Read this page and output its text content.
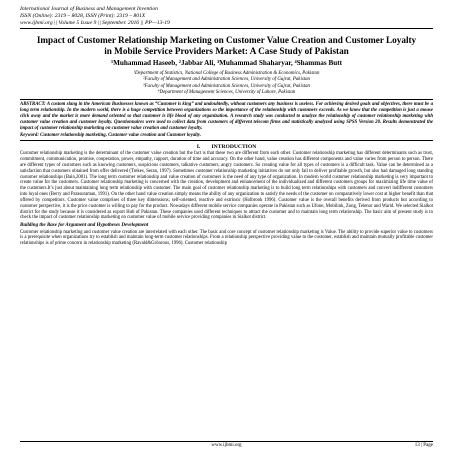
International Journal of Business and Management Invention
ISSN (Online): 2319 – 8028, ISSN (Print): 2319 – 801X
www.ijbmi.org || Volume 5 Issue 9 || September. 2016 || PP—13-19
Impact of Customer Relationship Marketing on Customer Value Creation and Customer Loyalty in Mobile Service Providers Market: A Case Study of Pakistan
¹Muhammad Haseeb, ²Jabbar Ali, ³Muhammad Shaharyar, ⁴Shammas Butt
¹Department of Statistics, National College of Business Administration & Economics, Pakistan
²Faculty of Management and Administration Sciences, University of Gujrat, Pakistan
³Faculty of Management and Administration Sciences, University of Gujrat, Pakistan
⁴Department of Management Sciences, University of Lahore, Pakistan
ABSTRACT: A custom slang in the American Businesses known as “Customer is king” and undoubtedly, without customers any business is useless. For achieving desired goals and objectives, there must be a long term relationship. In the modern world, there is a huge competition between organizations so the importance of the relationship with customers exceeds. As we know that the competition is just a mouse click away and the market is more demand oriented so that customer is life blood of any organization. A research study was conducted to analyze the relationship of customer relationship marketing with customer value creation and customer loyalty. Questionnaires were used to collect data from customers of different telecom firms and statistically analyzed using SPSS Version 20. Results demonstrated the impact of customer relationship marketing on customer value creation and customer loyalty.
Keyword: Customer relationship marketing, Customer value creation and Customer loyalty.
I.        INTRODUCTION
Customer relationship marketing is the determinant of the customer value creation but the fact is that these two are different from each other. Customer relationship marketing has different determinants such as trust, commitment, communication, promise, cooperation, power, empathy, rapport, duration of time and accuracy. On the other hand, value creation has different components and value varies from person to person. There are different types of customers such as knowing customers, suspicious customers, talkative customers, angry customers. So creating value for all types of customers is a difficult task. Value can be determined as a satisfaction that customers obtained from offer delivered (Trekes, Seran, 1997). Sometimes customer relationship marketing initiatives do not only fail to deliver profitable growth, but also had damaged long standing customer relationships (Bain,2001). The long term customer relationship and value creation of customers is the need of any type of organization. In modern world customer relationship marketing is very important to create value for the customers. Customer relationship marketing is concerned with the creation, development and enhancement of the individualized and different customers groups for maximizing life time value of the customers.It’s just about maintaining long term relationship with customer. The main goal of customer relationship marketing is to build long term relationships with customers and convert indifferent customers into loyal ones (Berry and Parasuraman, 1991). On the other hand value creation simply means the ability of any organization to satisfy the needs of the customer on comparatively lower cost at higher benefit than that offered by competitors. Customer value comprises of three key dimensions; self-oriented, reactive and extrinsic (Holbrook 1996). Customer value is the overall benefits derived from products but according to customer perspective, it is the price customer is willing to pay for the product. Nowadays different mobile service companies operate in Pakistan such as Ufone, Mobilink, Zong, Telenor and Warid. We selected Sialkot district for the study because it is considered as export Hub of Pakistan. These companies used different techniques to attract the customer and to maintain long term relationship. The basic aim of present study is to check the impact of customer relationship marketing on customer value of mobile service providing companies in Sialkot district.
Building the Base for Argument and Hypotheses Development
Customer relationship marketing and customer value creation are interrelated with each other. The basic and core concept of customer relationship marketing is Value. The ability to provide superior value to customers is a prerequisite when organizations try to establish and maintain long-term customer relationships. From a relationship perspective providing value to the customer, establish and maintain mutually profitable customer relationships is of prime concern in relationship marketing (Ravald&Grönroos, 1996). Customer relationship
www.ijbmi.org	13 | Page
